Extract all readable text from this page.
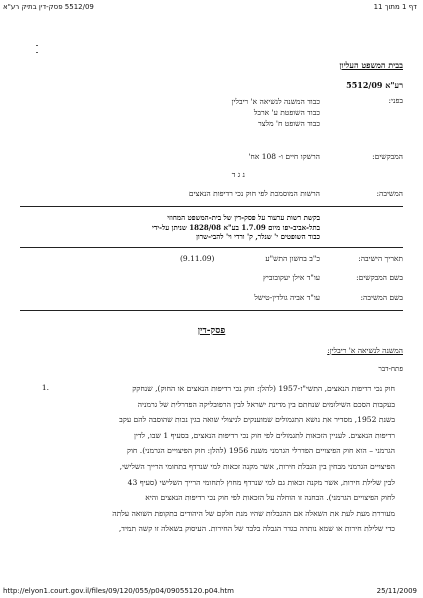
5512/09 פסק-דין בתיק רע"א	דף 1 מתוך 11
בבית המשפט העליון
רע"א 5512/09
בפני:
כבוד המשנה לנשיאה א' ריבלין
כבוד השופטת ע' ארבל
כבוד השופט ח' מלצר
המבקשים:
הרשקו חיים ו- 108 אח'
נ ג ד
המשיבה:
הרשות המוסמכת לפי חוק נכי רדיפות הנאצים
בקשת רשות ערעור על פסק-דין של בית-המשפט המחוזי
בתל-אביב-יפו מיום 1.7.09 בע"א 1828/08 שניתן על-ידי
כבוד השופטים י' שנלר, ק' ורדי וי' להבי-שרון
תאריך הישיבה:
כ"ב בחשון התש"ע
(9.11.09)
בשם המבקשים:
עו"ד אילן יעקובוביץ
בשם המשיבה:
עו"ד אביה גולדין-טישל
פסק-דין
המשנה לנשיאה א' ריבלין:
פתח-דבר
1.	חוק נכי רדיפות הנאצים, התשי"ז-1957 (להלן: חוק נכי רדיפות הנאצים או החוק), שנחקק
בעקבות הסכם השילומים שנחתם בין מדינת ישראל לבין הרפובליקה הפדרלית של גרמניה
בשנת 1952, מסדיר את נושא התגמולים שמוענקים לניצולי שואה בגין נכות שהוסבה להם עקב
רדיפות הנאצים. לעניין הזכאות לתגמולים לפי חוק נכי רדיפות הנאצים, בסעיף 1 שבו, לדין
הגרמני – הוא חוק הפיצויים הפדרלי הגרמני משנת 1956 (להלן: חוק הפיצויים הגרמני). חוק
הפיצויים הגרמני מבחין בין הגבלת חירות, אשר מקנה זכאות למי שנרדף בתחומי הרייך השלישי,
לבין שלילת חירות, אשר מקנה זכאות גם למי שנרדף מחוץ לתחומי הרייך השלישי (סעיף 43
לחוק הפיצויים הגרמני). הבחנה זו הוחלה על הזכאות לפי חוק נכי רדיפות הנאצים והיא
מעוררת מעת לעת את השאלה אם ההגבלות שהיו מנת חלקם של היהודים בתקופת השואה עלתה
כדי שלילת חירות או שמא נותרה בגדר הגבלה בלבד של החירות. העיסוק בשאלה זו קשה תמיד,
http://elyon1.court.gov.il/files/09/120/055/p04/09055120.p04.htm	25/11/2009
